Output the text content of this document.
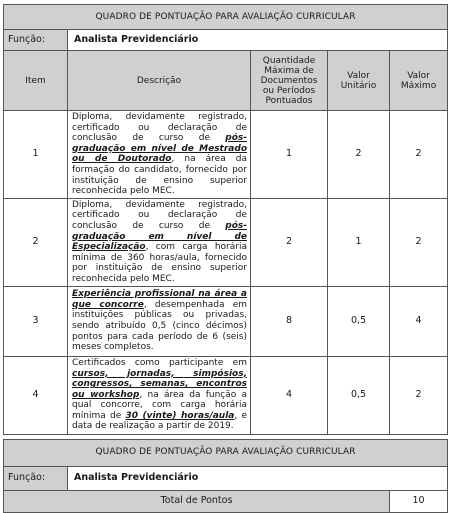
QUADRO DE PONTUAÇÃO PARA AVALIAÇÃO CURRICULAR				
Função:	Analista Previdenciário			
Item	Descrição	Quantidade Máxima de Documentos ou Períodos Pontuados	Valor Unitário	Valor Máximo
1	Diploma, devidamente registrado, certificado ou declaração de conclusão de curso de pós-graduação em nível de Mestrado ou de Doutorado, na área da formação do candidato, fornecido por instituição de ensino superior reconhecida pelo MEC.	1	2	2
2	Diploma, devidamente registrado, certificado ou declaração de conclusão de curso de pós-graduação em nível de Especialização, com carga horária mínima de 360 horas/aula, fornecido por instituição de ensino superior reconhecida pelo MEC.	2	1	2
3	Experiência profissional na área a que concorre, desempenhada em instituições públicas ou privadas, sendo atribuído 0,5 (cinco décimos) pontos para cada período de 6 (seis) meses completos.	8	0,5	4
4	Certificados como participante em cursos, jornadas, simpósios, congressos, semanas, encontros ou workshop, na área da função a qual concorre, com carga horária mínima de 30 (vinte) horas/aula, e data de realização a partir de 2019.	4	0,5	2
QUADRO DE PONTUAÇÃO PARA AVALIAÇÃO CURRICULAR		
Função:	Analista Previdenciário	
Total de Pontos		10
